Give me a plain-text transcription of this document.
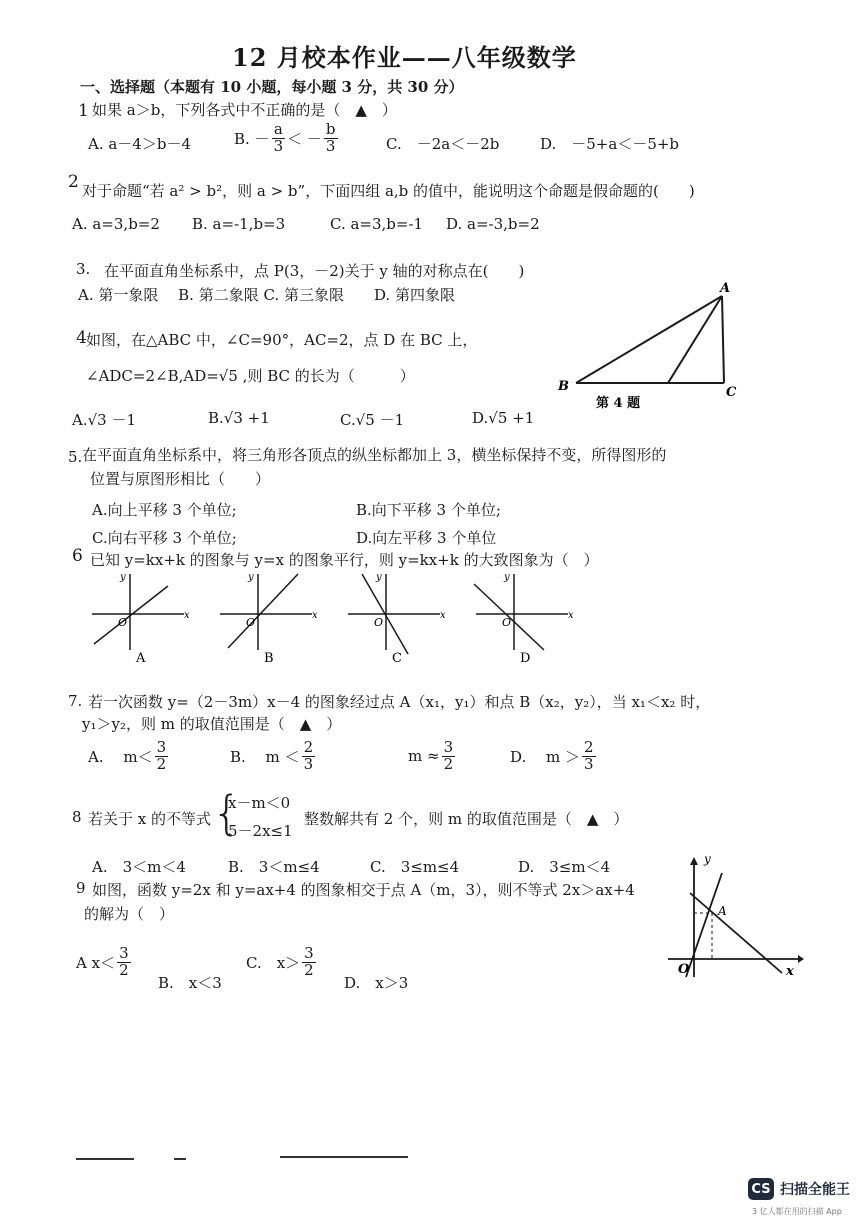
12 月校本作业——八年级数学
一、选择题（本题有 10 小题，每小题 3 分，共 30 分）
1 如果 a＞b，下列各式中不正确的是（　▲　）
A. a－4＞b－4	B. － $\frac{a}{3}$ ＜ － $\frac{b}{3}$	C.　－2a＜－2b	D.　－5+a＜－5+b
2 对于命题“若 a² > b²，则 a > b”，下面四组 a,b 的值中，能说明这个命题是假命题的(　　)
A. a=3,b=2 B. a=-1,b=3	C. a=3,b=-1 D. a=-3,b=2
3. 在平面直角坐标系中，点 P(3，－2)关于 y 轴的对称点在(　　)
A. 第一象限　 B. 第二象限 C. 第三象限　　D. 第四象限
4 如图，在△ABC 中，∠C=90°，AC=2，点 D 在 BC 上，
∠ADC=2∠B,AD=√5 ,则 BC 的长为（　　　）
A.√3 －1	B.√3 +1	C.√5 －1	D.√5 +1
A
B	C
第 4 题
5. 在平面直角坐标系中，将三角形各顶点的纵坐标都加上 3，横坐标保持不变，所得图形的
位置与原图形相比（　　）
A.向上平移 3 个单位;	B.向下平移 3 个单位;
C.向右平移 3 个单位;	D.向左平移 3 个单位
6 已知 y=kx+k 的图象与 y=x 的图象平行，则 y=kx+k 的大致图象为（　）
y
x
O
A
y
x
O
B
y
x
O
C
y
x
O
D
7. 若一次函数 y=（2－3m）x－4 的图象经过点 A（x₁，y₁）和点 B（x₂，y₂），当 x₁＜x₂ 时，
y₁＞y₂，则 m 的取值范围是（　▲　）
A.　 $m< \frac{3}{2}$	B.　 $m < \frac{2}{3}$	$m \approx \frac{3}{2}$	D.　 $m > \frac{2}{3}$
8 若关于 x 的不等式 {
x－m＜0
5－2x≤1
整数解共有 2 个，则 m 的取值范围是（　▲　）
A.　3＜m＜4	B.　3＜m≤4	C.　3≤m≤4	D.　3≤m＜4
9 如图，函数 y=2x 和 y=ax+4 的图象相交于点 A（m，3），则不等式 2x＞ax+4
的解为（　）
A $x< \frac{3}{2}$
B.　x＜3
C.　$x> \frac{3}{2}$
D.　x＞3
y
x
O
A
CS 扫描全能王
3 亿人都在用的扫描 App
